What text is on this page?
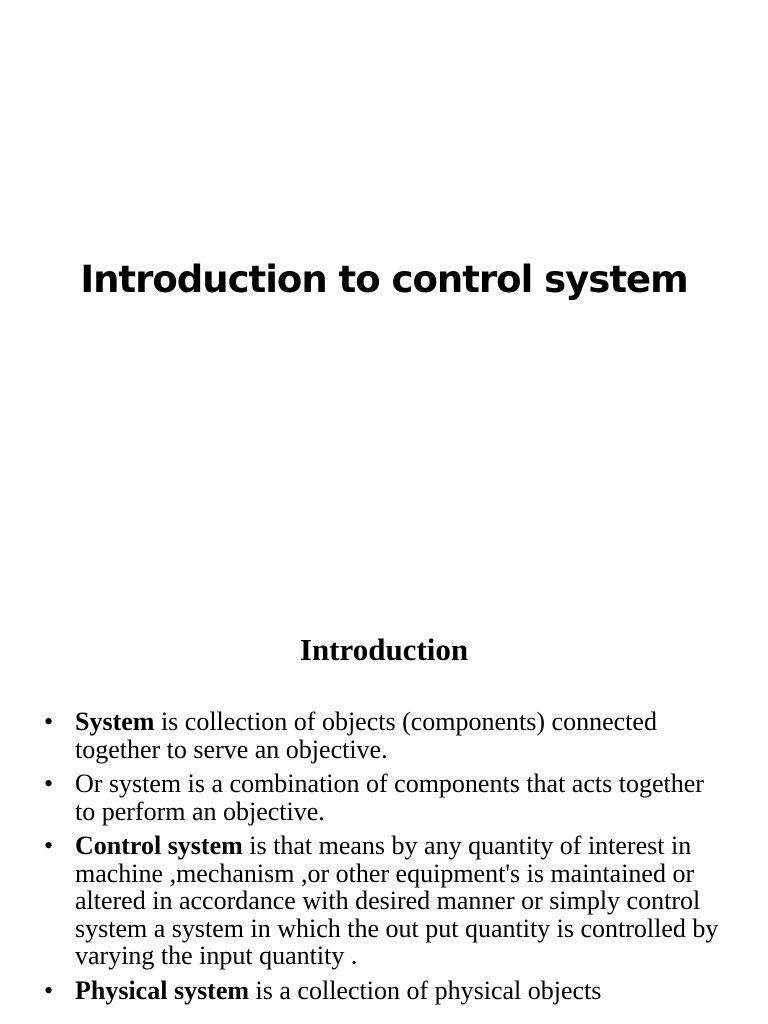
Introduction to control system
Introduction
• System is collection of objects (components) connected together to serve an objective.
• Or system is a combination of components that acts together to perform an objective.
• Control system is that means by any quantity of interest in machine ,mechanism ,or other equipment's is maintained or altered in accordance with desired manner or simply control system a system in which the out put quantity is controlled by varying the input quantity .
• Physical system is a collection of physical objects
